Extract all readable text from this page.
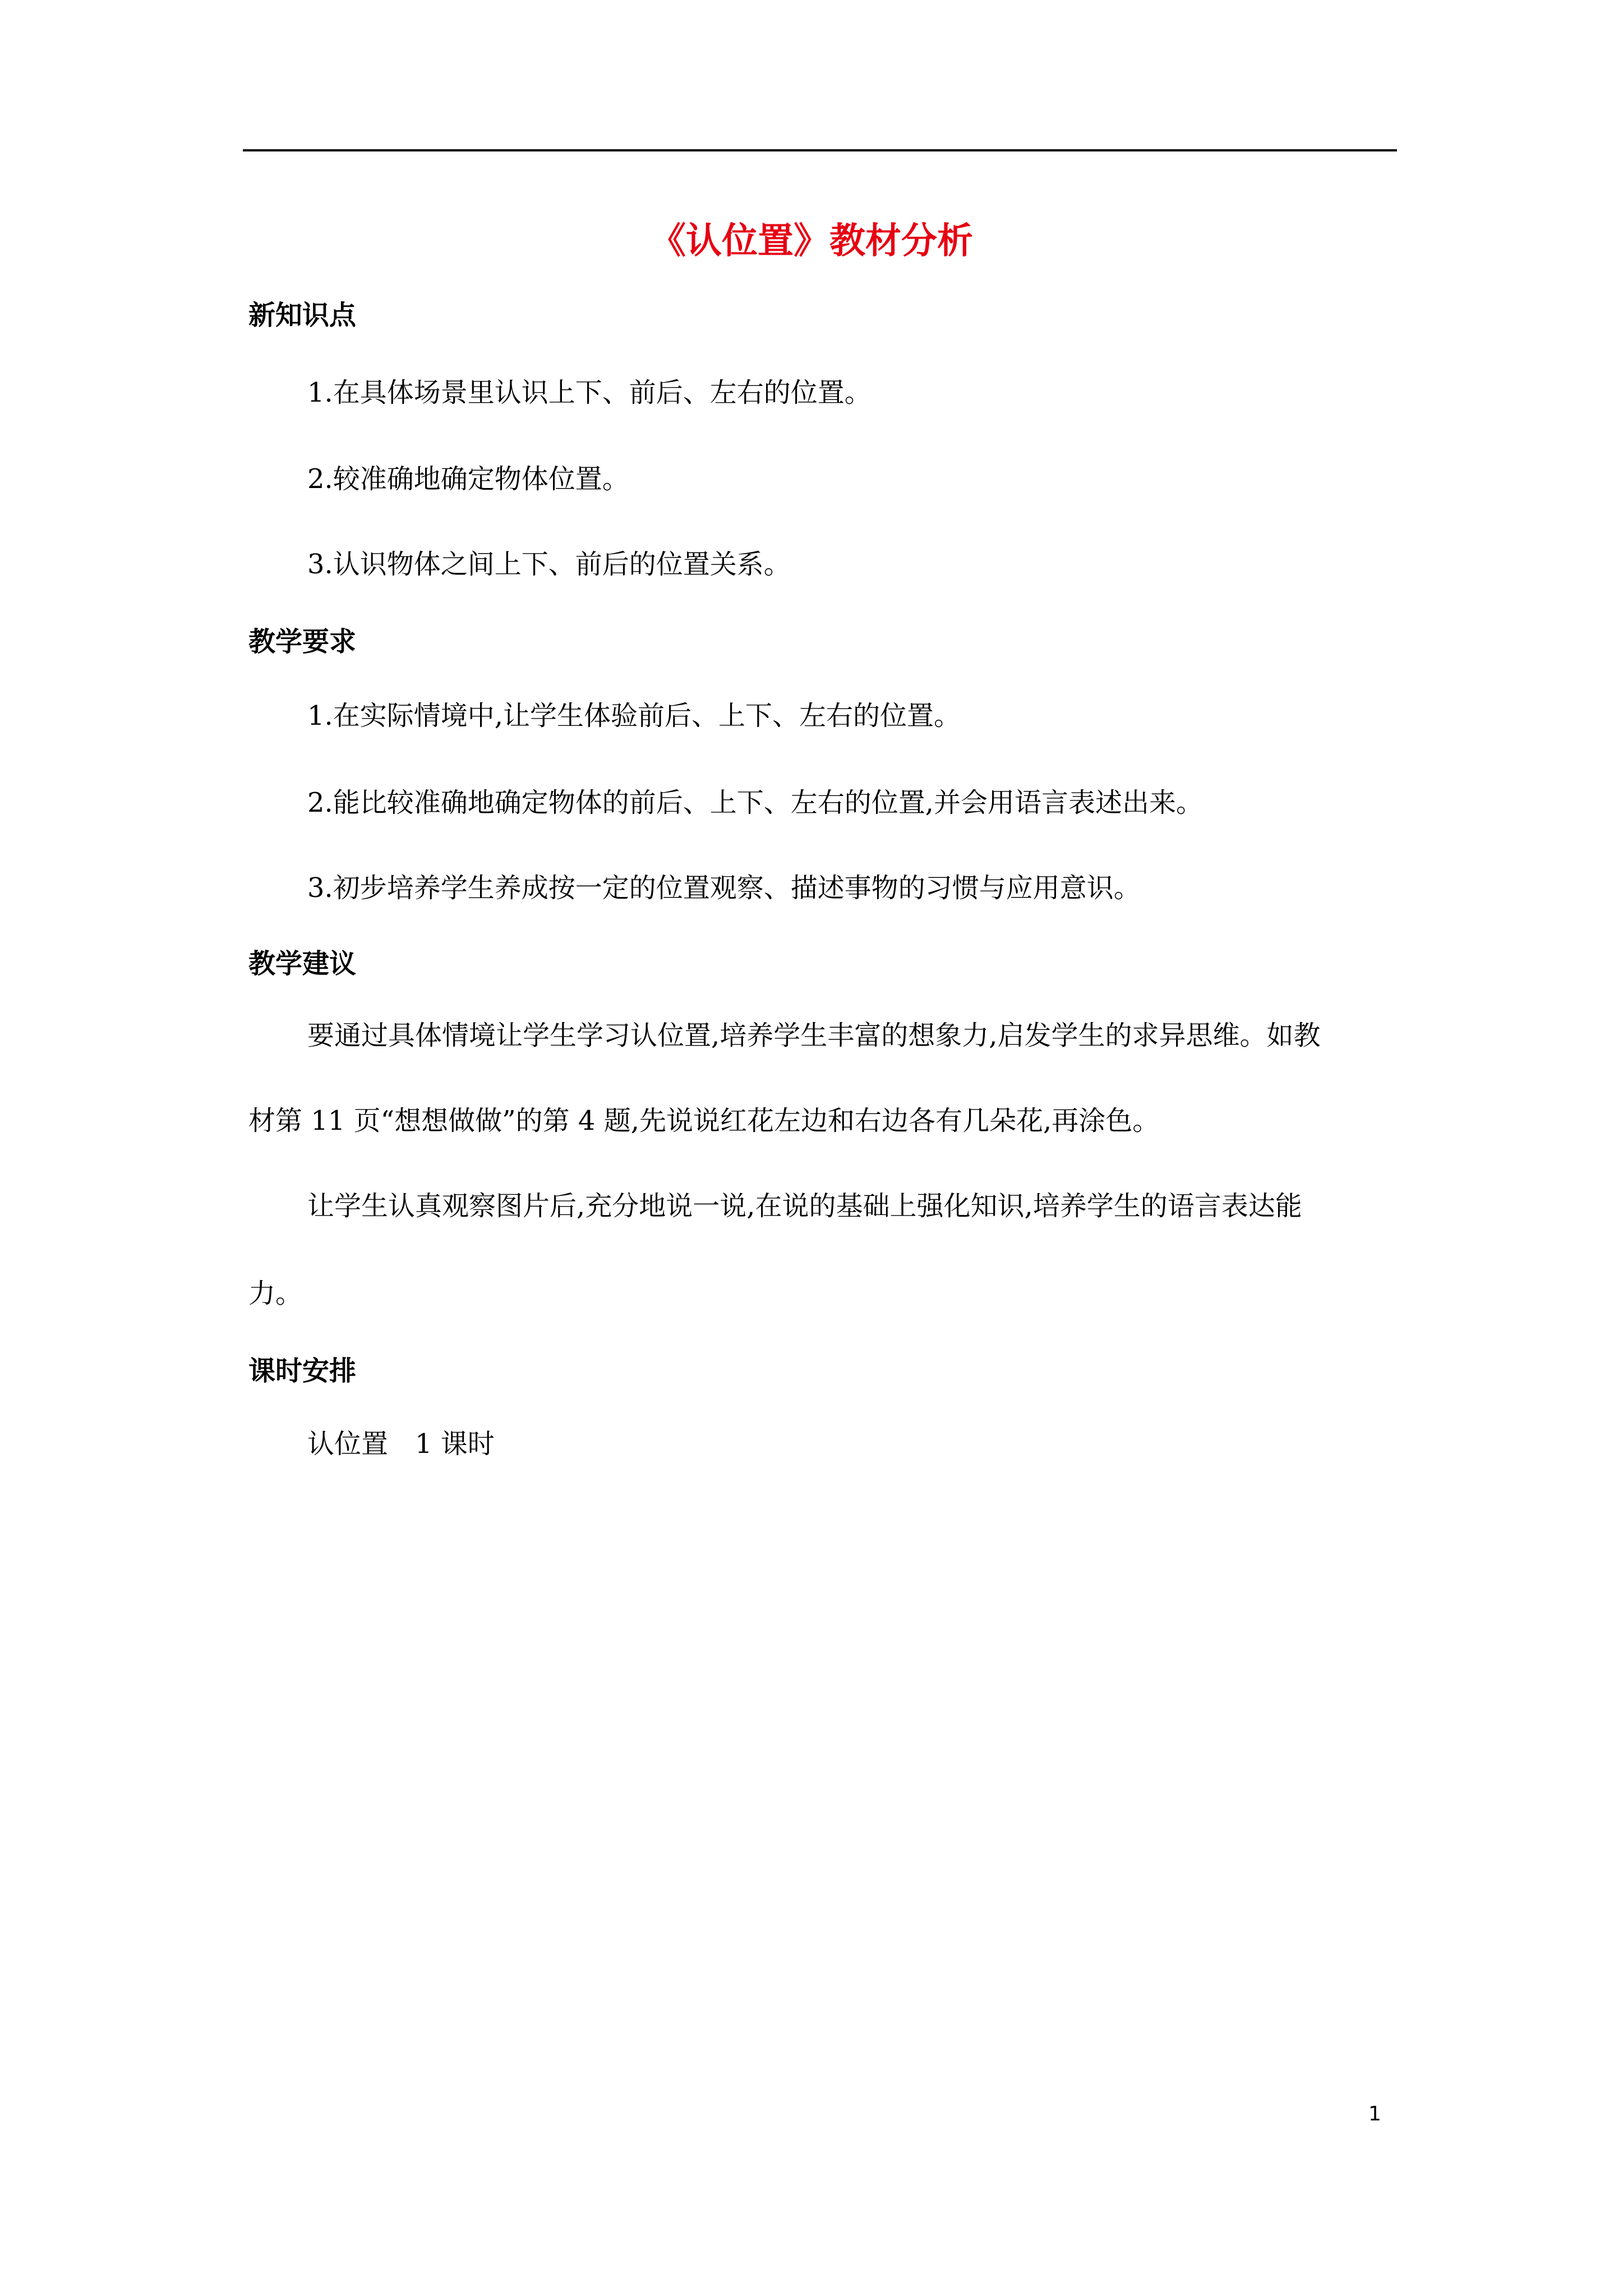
《认位置》教材分析
新知识点

1.在具体场景里认识上下、前后、左右的位置。

2.较准确地确定物体位置。

3.认识物体之间上下、前后的位置关系。

教学要求

1.在实际情境中,让学生体验前后、上下、左右的位置。

2.能比较准确地确定物体的前后、上下、左右的位置,并会用语言表述出来。

3.初步培养学生养成按一定的位置观察、描述事物的习惯与应用意识。

教学建议

要通过具体情境让学生学习认位置,培养学生丰富的想象力,启发学生的求异思维。如教

材第 11 页“想想做做”的第 4 题,先说说红花左边和右边各有几朵花,再涂色。

让学生认真观察图片后,充分地说一说,在说的基础上强化知识,培养学生的语言表达能

力。

课时安排

认位置　1 课时

1
